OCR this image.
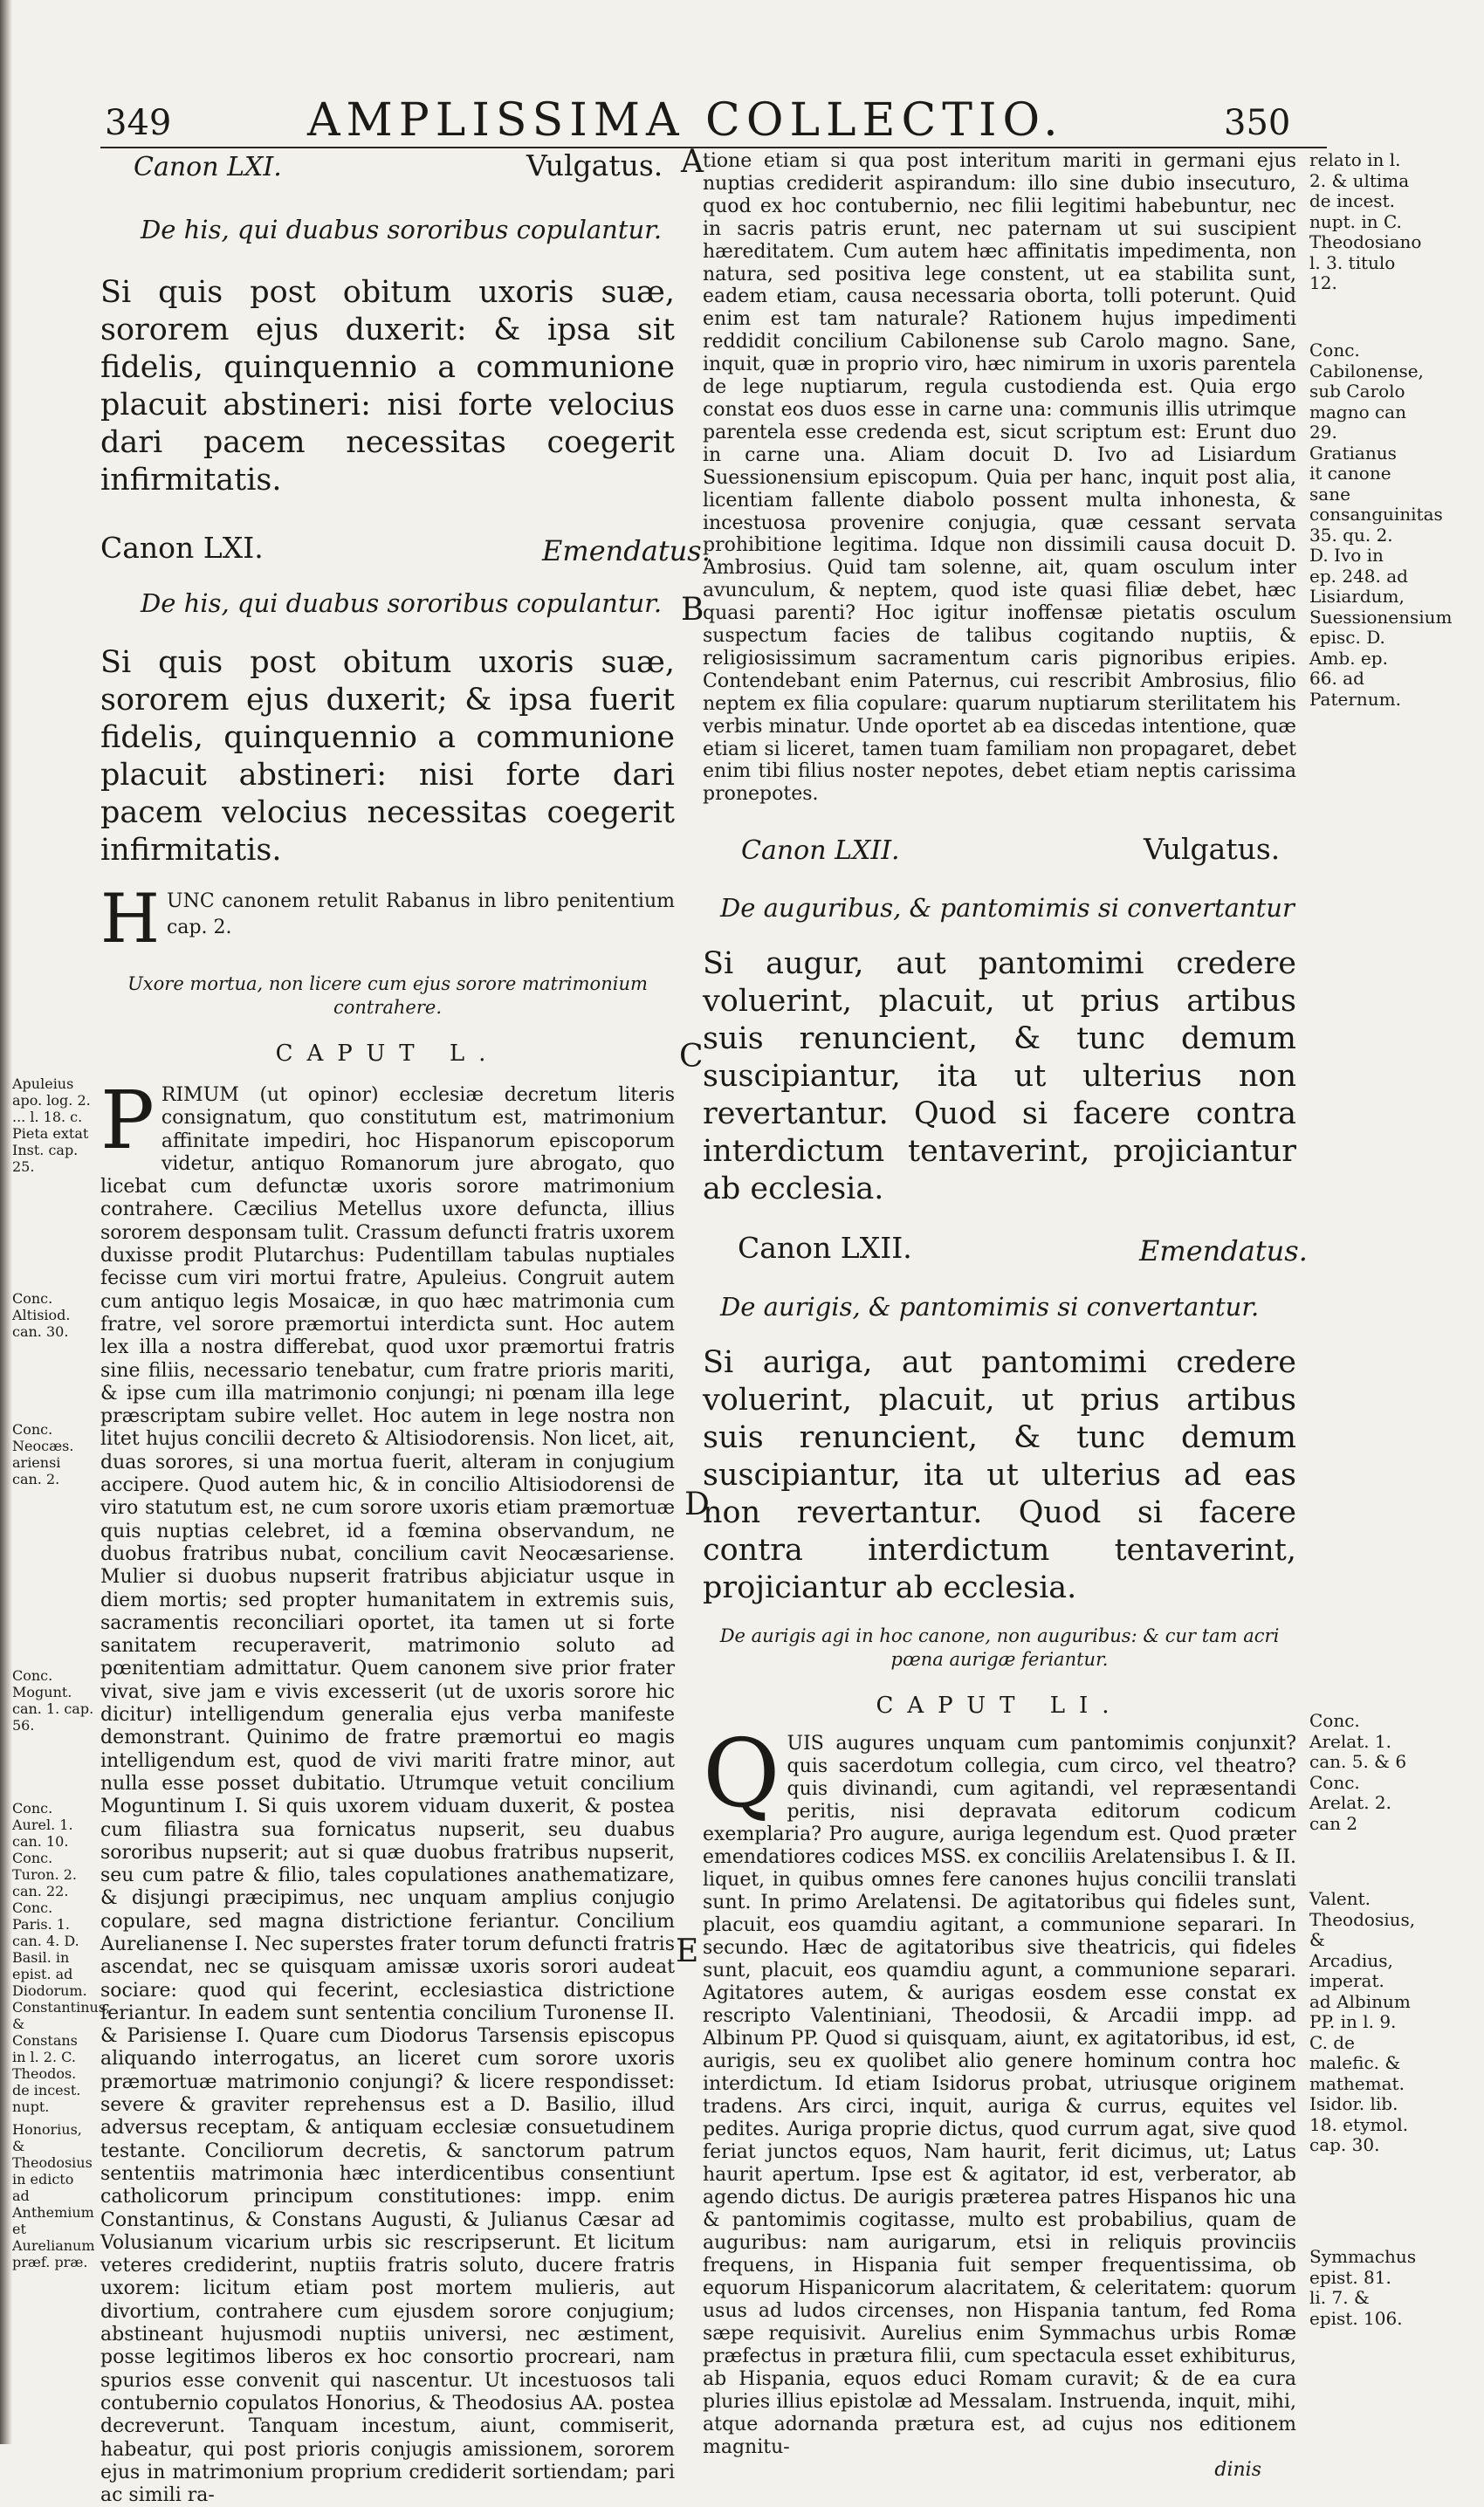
349	AMPLISSIMA COLLECTIO.	350
A
B
C
D
E
Canon LXI.	Vulgatus.
De his, qui duabus sororibus copulantur.

Si quis post obitum uxoris suæ, sororem ejus duxerit: & ipsa sit fidelis, quinquennio a communione placuit abstineri: nisi forte velocius dari pacem necessitas coegerit infirmitatis.

Canon LXI.	Emendatus.
De his, qui duabus sororibus copulantur.

Si quis post obitum uxoris suæ, sororem ejus duxerit; & ipsa fuerit fidelis, quinquennio a communione placuit abstineri: nisi forte dari pacem velocius necessitas coegerit infirmitatis.

H UNC canonem retulit Rabanus in libro penitentium cap. 2.
Uxore mortua, non licere cum ejus sorore matrimonium contrahere.
CAPUT L.
P RIMUM (ut opinor) ecclesiæ decretum literis consignatum, quo constitutum est, matrimonium affinitate impediri, hoc Hispanorum episcoporum videtur, antiquo Romanorum jure abrogato, quo licebat cum defunctæ uxoris sorore matrimonium contrahere. Cæcilius Metellus uxore defuncta, illius sororem desponsam tulit. Crassum defuncti fratris uxorem duxisse prodit Plutarchus: Pudentillam tabulas nuptiales fecisse cum viri mortui fratre, Apuleius. Congruit autem cum antiquo legis Mosaicæ, in quo hæc matrimonia cum fratre, vel sorore præmortui interdicta sunt. Hoc autem lex illa a nostra differebat, quod uxor præmortui fratris sine filiis, necessario tenebatur, cum fratre prioris mariti, & ipse cum illa matrimonio conjungi; ni pœnam illa lege præscriptam subire vellet. Hoc autem in lege nostra non litet hujus concilii decreto & Altisiodorensis. Non licet, ait, duas sorores, si una mortua fuerit, alteram in conjugium accipere. Quod autem hic, & in concilio Altisiodorensi de viro statutum est, ne cum sorore uxoris etiam præmortuæ quis nuptias celebret, id a fœmina observandum, ne duobus fratribus nubat, concilium cavit Neocæsariense. Mulier si duobus nupserit fratribus abjiciatur usque in diem mortis; sed propter humanitatem in extremis suis, sacramentis reconciliari oportet, ita tamen ut si forte sanitatem recuperaverit, matrimonio soluto ad pœnitentiam admittatur. Quem canonem sive prior frater vivat, sive jam e vivis excesserit (ut de uxoris sorore hic dicitur) intelligendum generalia ejus verba manifeste demonstrant. Quinimo de fratre præmortui eo magis intelligendum est, quod de vivi mariti fratre minor, aut nulla esse posset dubitatio. Utrumque vetuit concilium Moguntinum I. Si quis uxorem viduam duxerit, & postea cum filiastra sua fornicatus nupserit, seu duabus sororibus nupserit; aut si quæ duobus fratribus nupserit, seu cum patre & filio, tales copulationes anathematizare, & disjungi præcipimus, nec unquam amplius conjugio copulare, sed magna districtione feriantur. Concilium Aurelianense I. Nec superstes frater torum defuncti fratris ascendat, nec se quisquam amissæ uxoris sorori audeat sociare: quod qui fecerint, ecclesiastica districtione feriantur. In eadem sunt sententia concilium Turonense II. & Parisiense I. Quare cum Diodorus Tarsensis episcopus aliquando interrogatus, an liceret cum sorore uxoris præmortuæ matrimonio conjungi? & licere respondisset: severe & graviter reprehensus est a D. Basilio, illud adversus receptam, & antiquam ecclesiæ consuetudinem testante. Conciliorum decretis, & sanctorum patrum sententiis matrimonia hæc interdicentibus consentiunt catholicorum principum constitutiones: impp. enim Constantinus, & Constans Augusti, & Julianus Cæsar ad Volusianum vicarium urbis sic rescripserunt. Et licitum veteres crediderint, nuptiis fratris soluto, ducere fratris uxorem: licitum etiam post mortem mulieris, aut divortium, contrahere cum ejusdem sorore conjugium; abstineant hujusmodi nuptiis universi, nec æstiment, posse legitimos liberos ex hoc consortio procreari, nam spurios esse convenit qui nascentur. Ut incestuosos tali contubernio copulatos Honorius, & Theodosius AA. postea decreverunt. Tanquam incestum, aiunt, commiserit, habeatur, qui post prioris conjugis amissionem, sororem ejus in matrimonium proprium crediderit sortiendam; pari ac simili ra-

Apuleius apo. log. 2. ... l. 18. c. Pieta extat Inst. cap. 25.
Conc. Altisiod. can. 30.
Conc. Neocæs. ariensi can. 2.
Conc. Mogunt. can. 1. cap. 56.
Conc. Aurel. 1. can. 10. Conc. Turon. 2. can. 22. Conc. Paris. 1. can. 4. D. Basil. in epist. ad Diodorum. Constantinus, & Constans in l. 2. C. Theodos. de incest. nupt.
Honorius, & Theodosius in edicto ad Anthemium et Aurelianum præf. præ.

tione etiam si qua post interitum mariti in germani ejus nuptias crediderit aspirandum: illo sine dubio insecuturo, quod ex hoc contubernio, nec filii legitimi habebuntur, nec in sacris patris erunt, nec paternam ut sui suscipient hæreditatem. Cum autem hæc affinitatis impedimenta, non natura, sed positiva lege constent, ut ea stabilita sunt, eadem etiam, causa necessaria oborta, tolli poterunt. Quid enim est tam naturale? Rationem hujus impedimenti reddidit concilium Cabilonense sub Carolo magno. Sane, inquit, quæ in proprio viro, hæc nimirum in uxoris parentela de lege nuptiarum, regula custodienda est. Quia ergo constat eos duos esse in carne una: communis illis utrimque parentela esse credenda est, sicut scriptum est: Erunt duo in carne una. Aliam docuit D. Ivo ad Lisiardum Suessionensium episcopum. Quia per hanc, inquit post alia, licentiam fallente diabolo possent multa inhonesta, & incestuosa provenire conjugia, quæ cessant servata prohibitione legitima. Idque non dissimili causa docuit D. Ambrosius. Quid tam solenne, ait, quam osculum inter avunculum, & neptem, quod iste quasi filiæ debet, hæc quasi parenti? Hoc igitur inoffensæ pietatis osculum suspectum facies de talibus cogitando nuptiis, & religiosissimum sacramentum caris pignoribus eripies. Contendebant enim Paternus, cui rescribit Ambrosius, filio neptem ex filia copulare: quarum nuptiarum sterilitatem his verbis minatur. Unde oportet ab ea discedas intentione, quæ etiam si liceret, tamen tuam familiam non propagaret, debet enim tibi filius noster nepotes, debet etiam neptis carissima pronepotes.

Canon LXII.	Vulgatus.
De auguribus, & pantomimis si convertantur

Si augur, aut pantomimi credere voluerint, placuit, ut prius artibus suis renuncient, & tunc demum suscipiantur, ita ut ulterius non revertantur. Quod si facere contra interdictum tentaverint, projiciantur ab ecclesia.

Canon LXII.	Emendatus.
De aurigis, & pantomimis si convertantur.

Si auriga, aut pantomimi credere voluerint, placuit, ut prius artibus suis renuncient, & tunc demum suscipiantur, ita ut ulterius ad eas non revertantur. Quod si facere contra interdictum tentaverint, projiciantur ab ecclesia.

De aurigis agi in hoc canone, non auguribus: & cur tam acri pœna aurigæ feriantur.
CAPUT LI.
Q UIS augures unquam cum pantomimis conjunxit? quis sacerdotum collegia, cum circo, vel theatro? quis divinandi, cum agitandi, vel repræsentandi peritis, nisi depravata editorum codicum exemplaria? Pro augure, auriga legendum est. Quod præter emendatiores codices MSS. ex conciliis Arelatensibus I. & II. liquet, in quibus omnes fere canones hujus concilii translati sunt. In primo Arelatensi. De agitatoribus qui fideles sunt, placuit, eos quamdiu agitant, a communione separari. In secundo. Hæc de agitatoribus sive theatricis, qui fideles sunt, placuit, eos quamdiu agunt, a communione separari. Agitatores autem, & aurigas eosdem esse constat ex rescripto Valentiniani, Theodosii, & Arcadii impp. ad Albinum PP. Quod si quisquam, aiunt, ex agitatoribus, id est, aurigis, seu ex quolibet alio genere hominum contra hoc interdictum. Id etiam Isidorus probat, utriusque originem tradens. Ars circi, inquit, auriga & currus, equites vel pedites. Auriga proprie dictus, quod currum agat, sive quod feriat junctos equos, Nam haurit, ferit dicimus, ut; Latus haurit apertum. Ipse est & agitator, id est, verberator, ab agendo dictus. De aurigis præterea patres Hispanos hic una & pantomimis cogitasse, multo est probabilius, quam de auguribus: nam aurigarum, etsi in reliquis provinciis frequens, in Hispania fuit semper frequentissima, ob equorum Hispanicorum alacritatem, & celeritatem: quorum usus ad ludos circenses, non Hispania tantum, fed Roma sæpe requisivit. Aurelius enim Symmachus urbis Romæ præfectus in prætura filii, cum spectacula esset exhibiturus, ab Hispania, equos educi Romam curavit; & de ea cura pluries illius epistolæ ad Messalam. Instruenda, inquit, mihi, atque adornanda prætura est, ad cujus nos editionem magnitu-

dinis
relato in l. 2. & ultima de incest. nupt. in C. Theodosiano l. 3. titulo 12.
Conc. Cabilonense, sub Carolo magno can 29. Gratianus it canone sane consanguinitas 35. qu. 2. D. Ivo in ep. 248. ad Lisiardum, Suessionensium episc. D. Amb. ep. 66. ad Paternum.
Conc. Arelat. 1. can. 5. & 6 Conc. Arelat. 2. can 2
Valent. Theodosius, & Arcadius, imperat. ad Albinum PP. in l. 9. C. de malefic. & mathemat. Isidor. lib. 18. etymol. cap. 30.
Symmachus epist. 81. li. 7. & epist. 106.
